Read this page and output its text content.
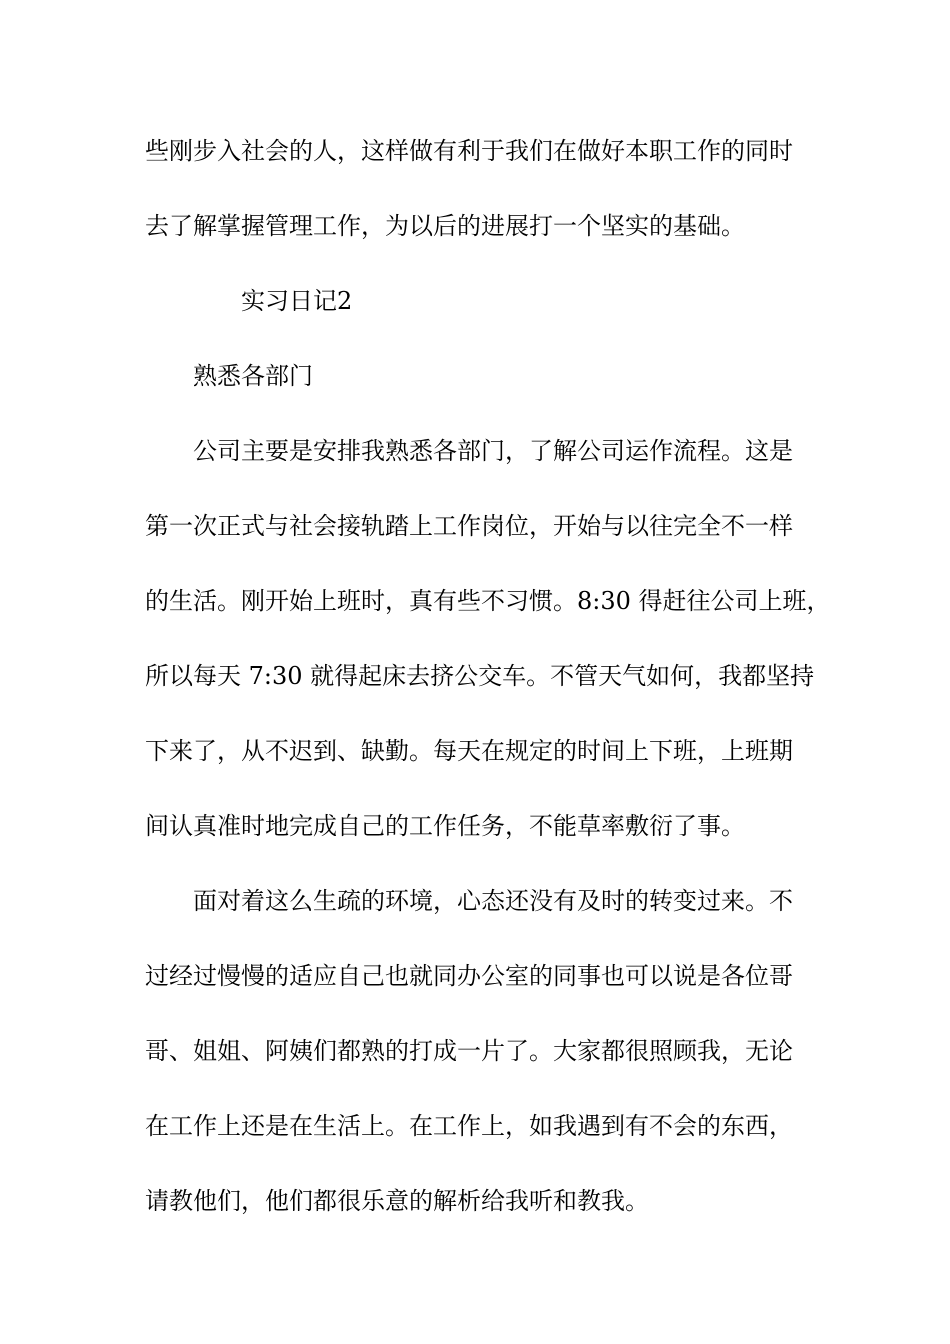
些刚步入社会的人，这样做有利于我们在做好本职工作的同时
去了解掌握管理工作，为以后的进展打一个坚实的基础。
实习日记2
熟悉各部门
公司主要是安排我熟悉各部门，了解公司运作流程。这是
第一次正式与社会接轨踏上工作岗位，开始与以往完全不一样
的生活。刚开始上班时，真有些不习惯。8:30 得赶往公司上班，
所以每天 7:30 就得起床去挤公交车。不管天气如何，我都坚持
下来了，从不迟到、缺勤。每天在规定的时间上下班，上班期
间认真准时地完成自己的工作任务，不能草率敷衍了事。
面对着这么生疏的环境，心态还没有及时的转变过来。不
过经过慢慢的适应自己也就同办公室的同事也可以说是各位哥
哥、姐姐、阿姨们都熟的打成一片了。大家都很照顾我，无论
在工作上还是在生活上。在工作上，如我遇到有不会的东西，
请教他们，他们都很乐意的解析给我听和教我。
